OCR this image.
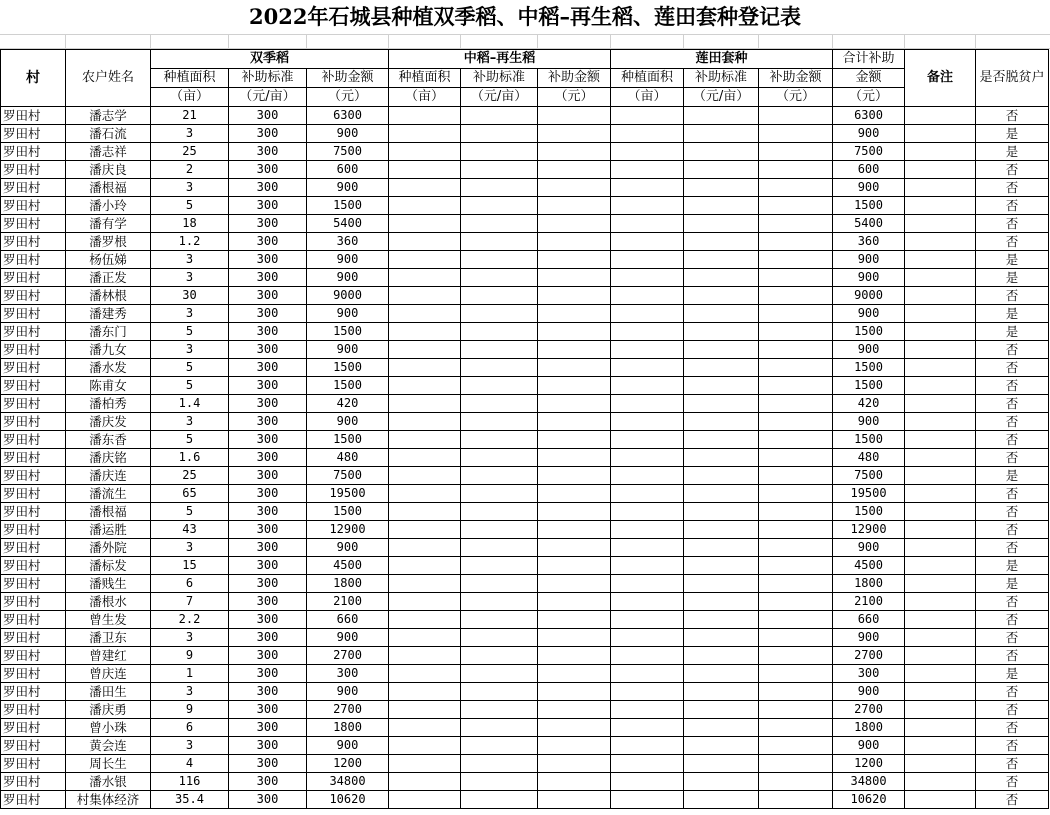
2022年石城县种植双季稻、中稻–再生稻、莲田套种登记表
村	农户姓名	双季稻			中稻–再生稻			莲田套种			合计补助	备注	是否脱贫户
		种植面积	补助标准	补助金额	种植面积	补助标准	补助金额	种植面积	补助标准	补助金额	金额		
		（亩）	（元/亩）	（元）	（亩）	（元/亩）	（元）	（亩）	（元/亩）	（元）	（元）		
罗田村	潘志学	21	300	6300							6300		否
罗田村	潘石流	3	300	900							900		是
罗田村	潘志祥	25	300	7500							7500		是
罗田村	潘庆良	2	300	600							600		否
罗田村	潘根福	3	300	900							900		否
罗田村	潘小玲	5	300	1500							1500		否
罗田村	潘有学	18	300	5400							5400		否
罗田村	潘罗根	1.2	300	360							360		否
罗田村	杨伍娣	3	300	900							900		是
罗田村	潘正发	3	300	900							900		是
罗田村	潘林根	30	300	9000							9000		否
罗田村	潘建秀	3	300	900							900		是
罗田村	潘东门	5	300	1500							1500		是
罗田村	潘九女	3	300	900							900		否
罗田村	潘水发	5	300	1500							1500		否
罗田村	陈甫女	5	300	1500							1500		否
罗田村	潘柏秀	1.4	300	420							420		否
罗田村	潘庆发	3	300	900							900		否
罗田村	潘东香	5	300	1500							1500		否
罗田村	潘庆铭	1.6	300	480							480		否
罗田村	潘庆连	25	300	7500							7500		是
罗田村	潘流生	65	300	19500							19500		否
罗田村	潘根福	5	300	1500							1500		否
罗田村	潘运胜	43	300	12900							12900		否
罗田村	潘外院	3	300	900							900		否
罗田村	潘标发	15	300	4500							4500		是
罗田村	潘贱生	6	300	1800							1800		是
罗田村	潘根水	7	300	2100							2100		否
罗田村	曾生发	2.2	300	660							660		否
罗田村	潘卫东	3	300	900							900		否
罗田村	曾建红	9	300	2700							2700		否
罗田村	曾庆连	1	300	300							300		是
罗田村	潘田生	3	300	900							900		否
罗田村	潘庆勇	9	300	2700							2700		否
罗田村	曾小珠	6	300	1800							1800		否
罗田村	黄会连	3	300	900							900		否
罗田村	周长生	4	300	1200							1200		否
罗田村	潘水银	116	300	34800							34800		否
罗田村	村集体经济	35.4	300	10620							10620		否
